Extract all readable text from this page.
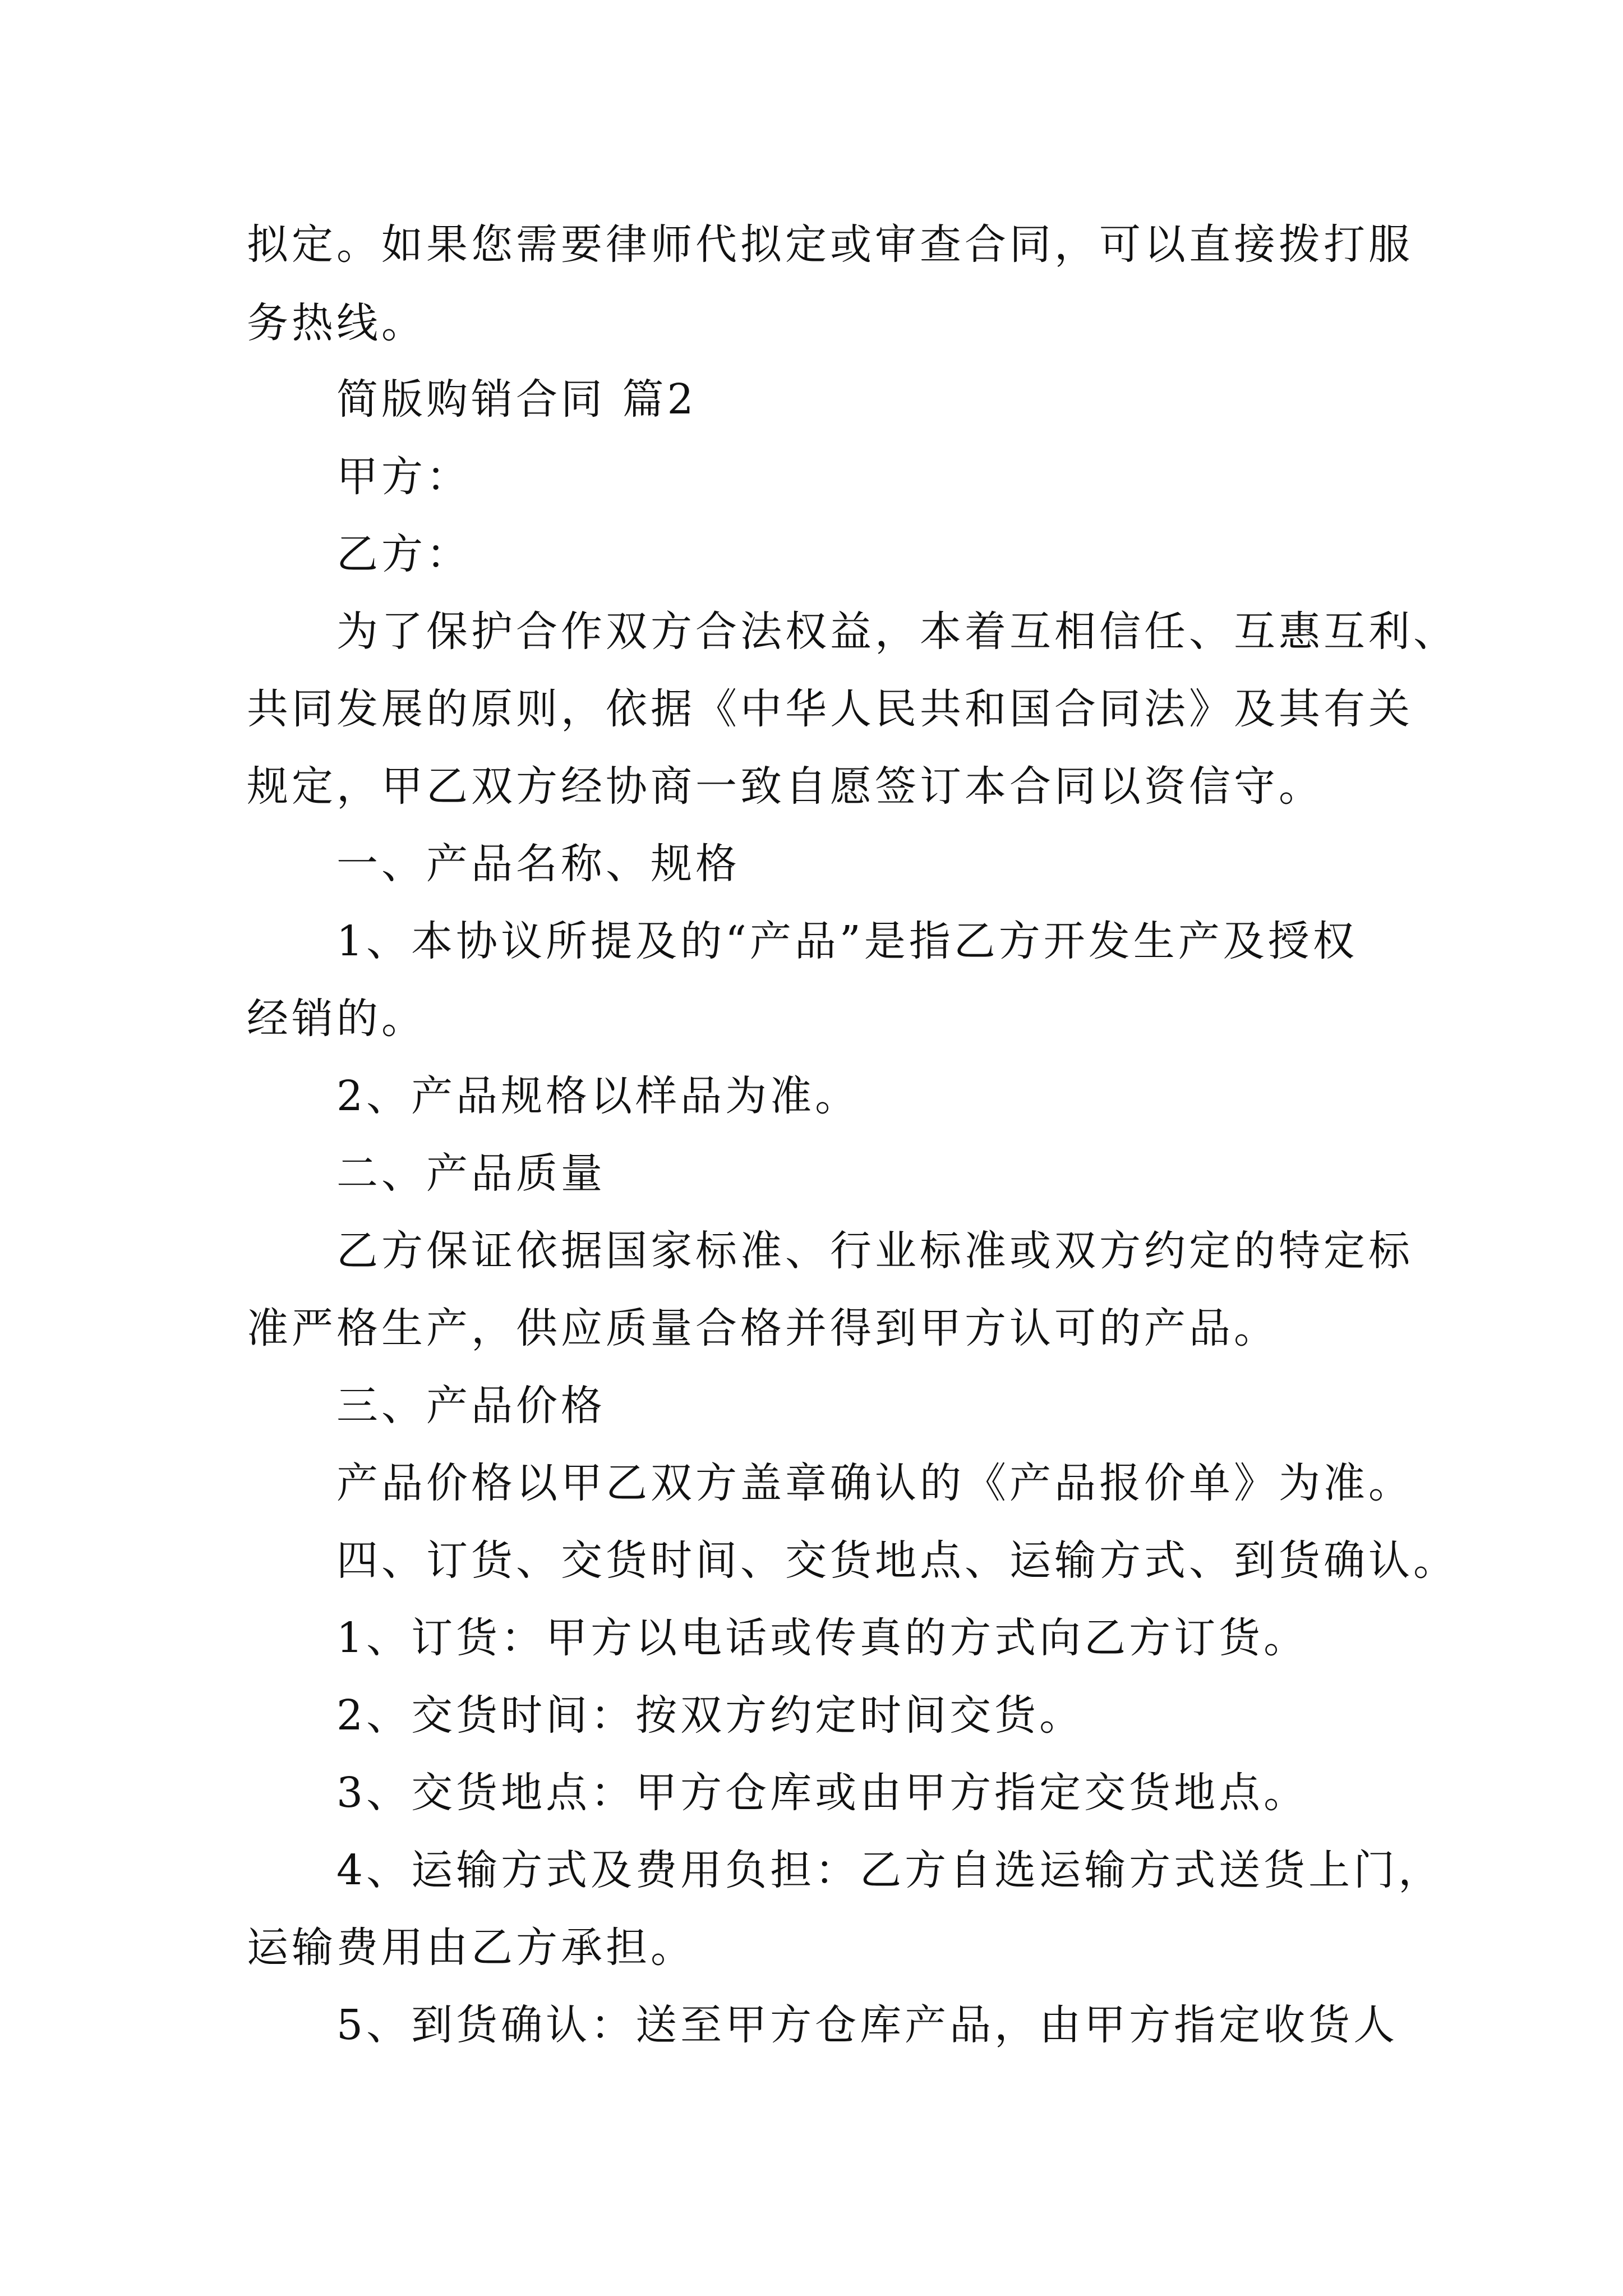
拟定。如果您需要律师代拟定或审查合同，可以直接拨打服
务热线。
简版购销合同 篇2
甲方：
乙方：
为了保护合作双方合法权益，本着互相信任、互惠互利、
共同发展的原则，依据《中华人民共和国合同法》及其有关
规定，甲乙双方经协商一致自愿签订本合同以资信守。
一、产品名称、规格
1、本协议所提及的“产品”是指乙方开发生产及授权
经销的。
2、产品规格以样品为准。
二、产品质量
乙方保证依据国家标准、行业标准或双方约定的特定标
准严格生产，供应质量合格并得到甲方认可的产品。
三、产品价格
产品价格以甲乙双方盖章确认的《产品报价单》为准。
四、订货、交货时间、交货地点、运输方式、到货确认。
1、订货：甲方以电话或传真的方式向乙方订货。
2、交货时间：按双方约定时间交货。
3、交货地点：甲方仓库或由甲方指定交货地点。
4、运输方式及费用负担：乙方自选运输方式送货上门，
运输费用由乙方承担。
5、到货确认：送至甲方仓库产品，由甲方指定收货人
